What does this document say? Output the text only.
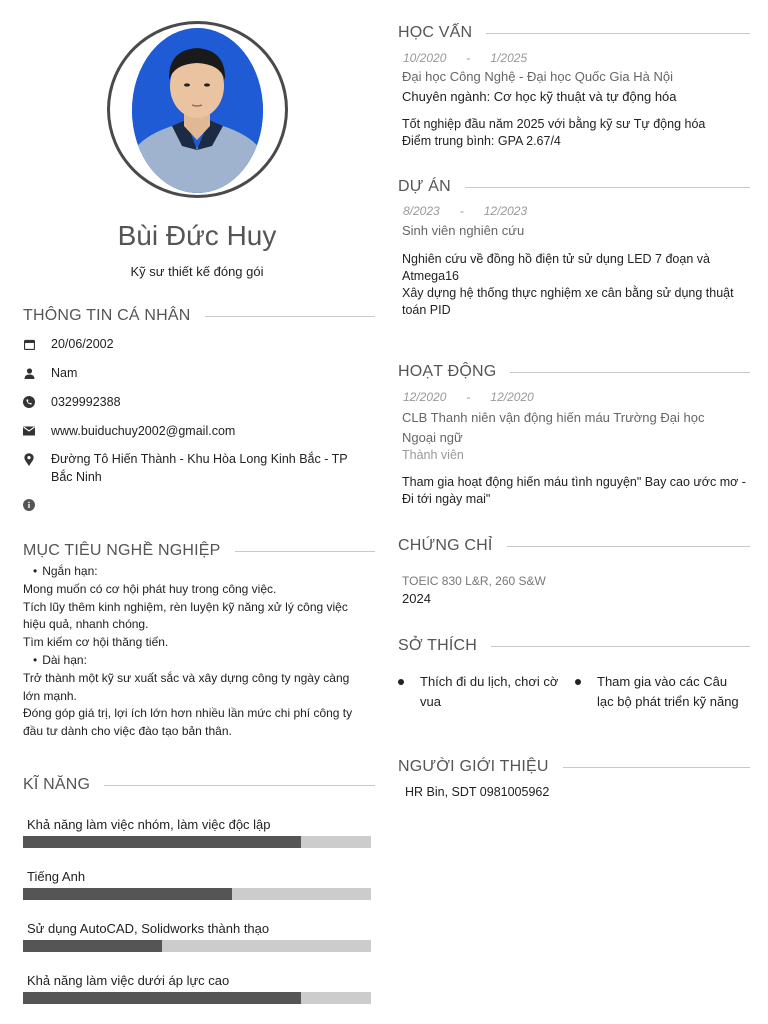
Bùi Đức Huy
Kỹ sư thiết kế đóng gói
THÔNG TIN CÁ NHÂN
20/06/2002
Nam
0329992388
www.buiduchuy2002@gmail.com
Đường Tô Hiến Thành - Khu Hòa Long Kinh Bắc - TP Bắc Ninh
MỤC TIÊU NGHỀ NGHIỆP
• Ngắn hạn:
Mong muốn có cơ hội phát huy trong công việc.
Tích lũy thêm kinh nghiệm, rèn luyện kỹ năng xử lý công việc hiệu quả, nhanh chóng.
Tìm kiếm cơ hội thăng tiến.
• Dài hạn:
Trở thành một kỹ sư xuất sắc và xây dựng công ty ngày càng lớn mạnh.
Đóng góp giá trị, lợi ích lớn hơn nhiều lần mức chi phí công ty đầu tư dành cho việc đào tạo bản thân.
KĨ NĂNG
Khả năng làm việc nhóm, làm việc độc lập
Tiếng Anh
Sử dụng AutoCAD, Solidworks thành thạo
Khả năng làm việc dưới áp lực cao
HỌC VẤN
10/2020 - 1/2025
Đại học Công Nghệ - Đại học Quốc Gia Hà Nội
Chuyên ngành: Cơ học kỹ thuật và tự động hóa
Tốt nghiệp đầu năm 2025 với bằng kỹ sư Tự động hóa
Điểm trung bình: GPA 2.67/4
DỰ ÁN
8/2023 - 12/2023
Sinh viên nghiên cứu
Nghiên cứu về đồng hồ điện tử sử dụng LED 7 đoạn và Atmega16
Xây dựng hệ thống thực nghiệm xe cân bằng sử dụng thuật toán PID
HOẠT ĐỘNG
12/2020 - 12/2020
CLB Thanh niên vận động hiến máu Trường Đại học Ngoại ngữ
Thành viên
Tham gia hoạt động hiến máu tình nguyện" Bay cao ước mơ - Đi tới ngày mai"
CHỨNG CHỈ
TOEIC 830 L&R, 260 S&W
2024
SỞ THÍCH
Thích đi du lịch, chơi cờ vua
Tham gia vào các Câu lạc bộ phát triển kỹ năng
NGƯỜI GIỚI THIỆU
HR Bin, SDT 0981005962
